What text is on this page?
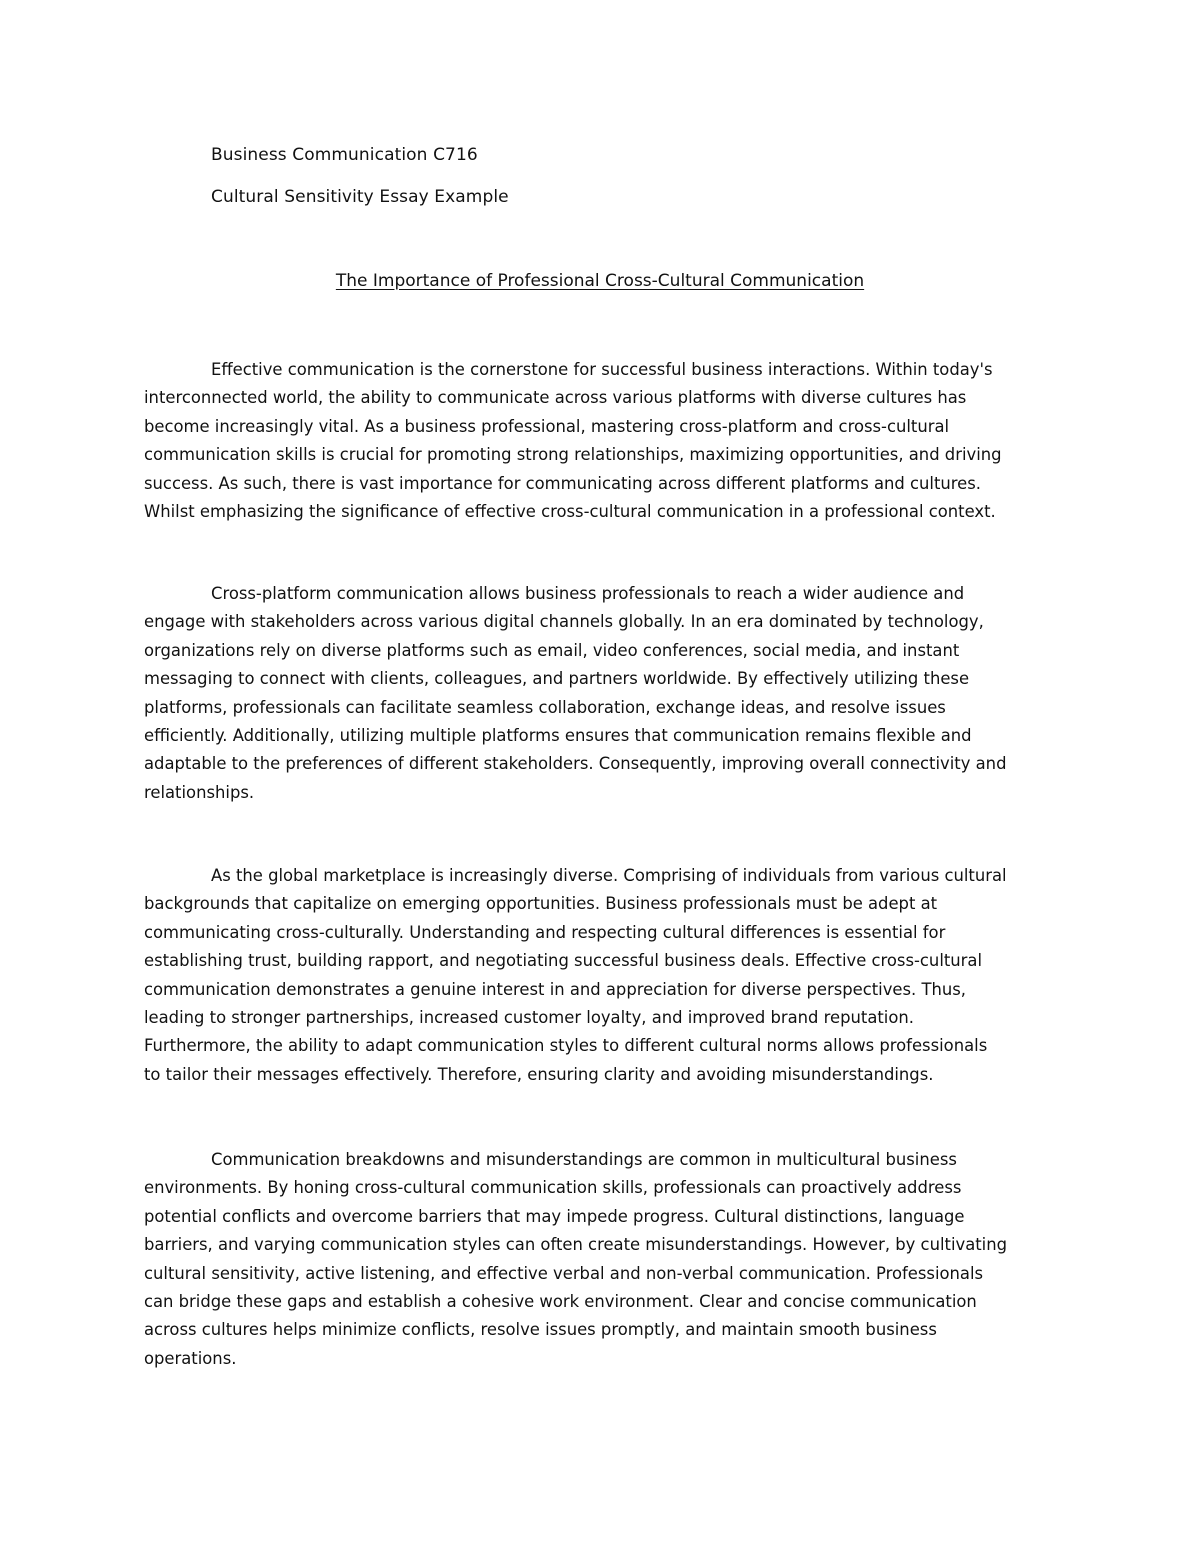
Business Communication C716

Cultural Sensitivity Essay Example

The Importance of Professional Cross-Cultural Communication
Effective communication is the cornerstone for successful business interactions. Within today's
interconnected world, the ability to communicate across various platforms with diverse cultures has
become increasingly vital. As a business professional, mastering cross-platform and cross-cultural
communication skills is crucial for promoting strong relationships, maximizing opportunities, and driving
success. As such, there is vast importance for communicating across different platforms and cultures.
Whilst emphasizing the significance of effective cross-cultural communication in a professional context.
Cross-platform communication allows business professionals to reach a wider audience and
engage with stakeholders across various digital channels globally. In an era dominated by technology,
organizations rely on diverse platforms such as email, video conferences, social media, and instant
messaging to connect with clients, colleagues, and partners worldwide. By effectively utilizing these
platforms, professionals can facilitate seamless collaboration, exchange ideas, and resolve issues
efficiently. Additionally, utilizing multiple platforms ensures that communication remains flexible and
adaptable to the preferences of different stakeholders. Consequently, improving overall connectivity and
relationships.
As the global marketplace is increasingly diverse. Comprising of individuals from various cultural
backgrounds that capitalize on emerging opportunities. Business professionals must be adept at
communicating cross-culturally. Understanding and respecting cultural differences is essential for
establishing trust, building rapport, and negotiating successful business deals. Effective cross-cultural
communication demonstrates a genuine interest in and appreciation for diverse perspectives. Thus,
leading to stronger partnerships, increased customer loyalty, and improved brand reputation.
Furthermore, the ability to adapt communication styles to different cultural norms allows professionals
to tailor their messages effectively. Therefore, ensuring clarity and avoiding misunderstandings.
Communication breakdowns and misunderstandings are common in multicultural business
environments. By honing cross-cultural communication skills, professionals can proactively address
potential conflicts and overcome barriers that may impede progress. Cultural distinctions, language
barriers, and varying communication styles can often create misunderstandings. However, by cultivating
cultural sensitivity, active listening, and effective verbal and non-verbal communication. Professionals
can bridge these gaps and establish a cohesive work environment. Clear and concise communication
across cultures helps minimize conflicts, resolve issues promptly, and maintain smooth business
operations.
